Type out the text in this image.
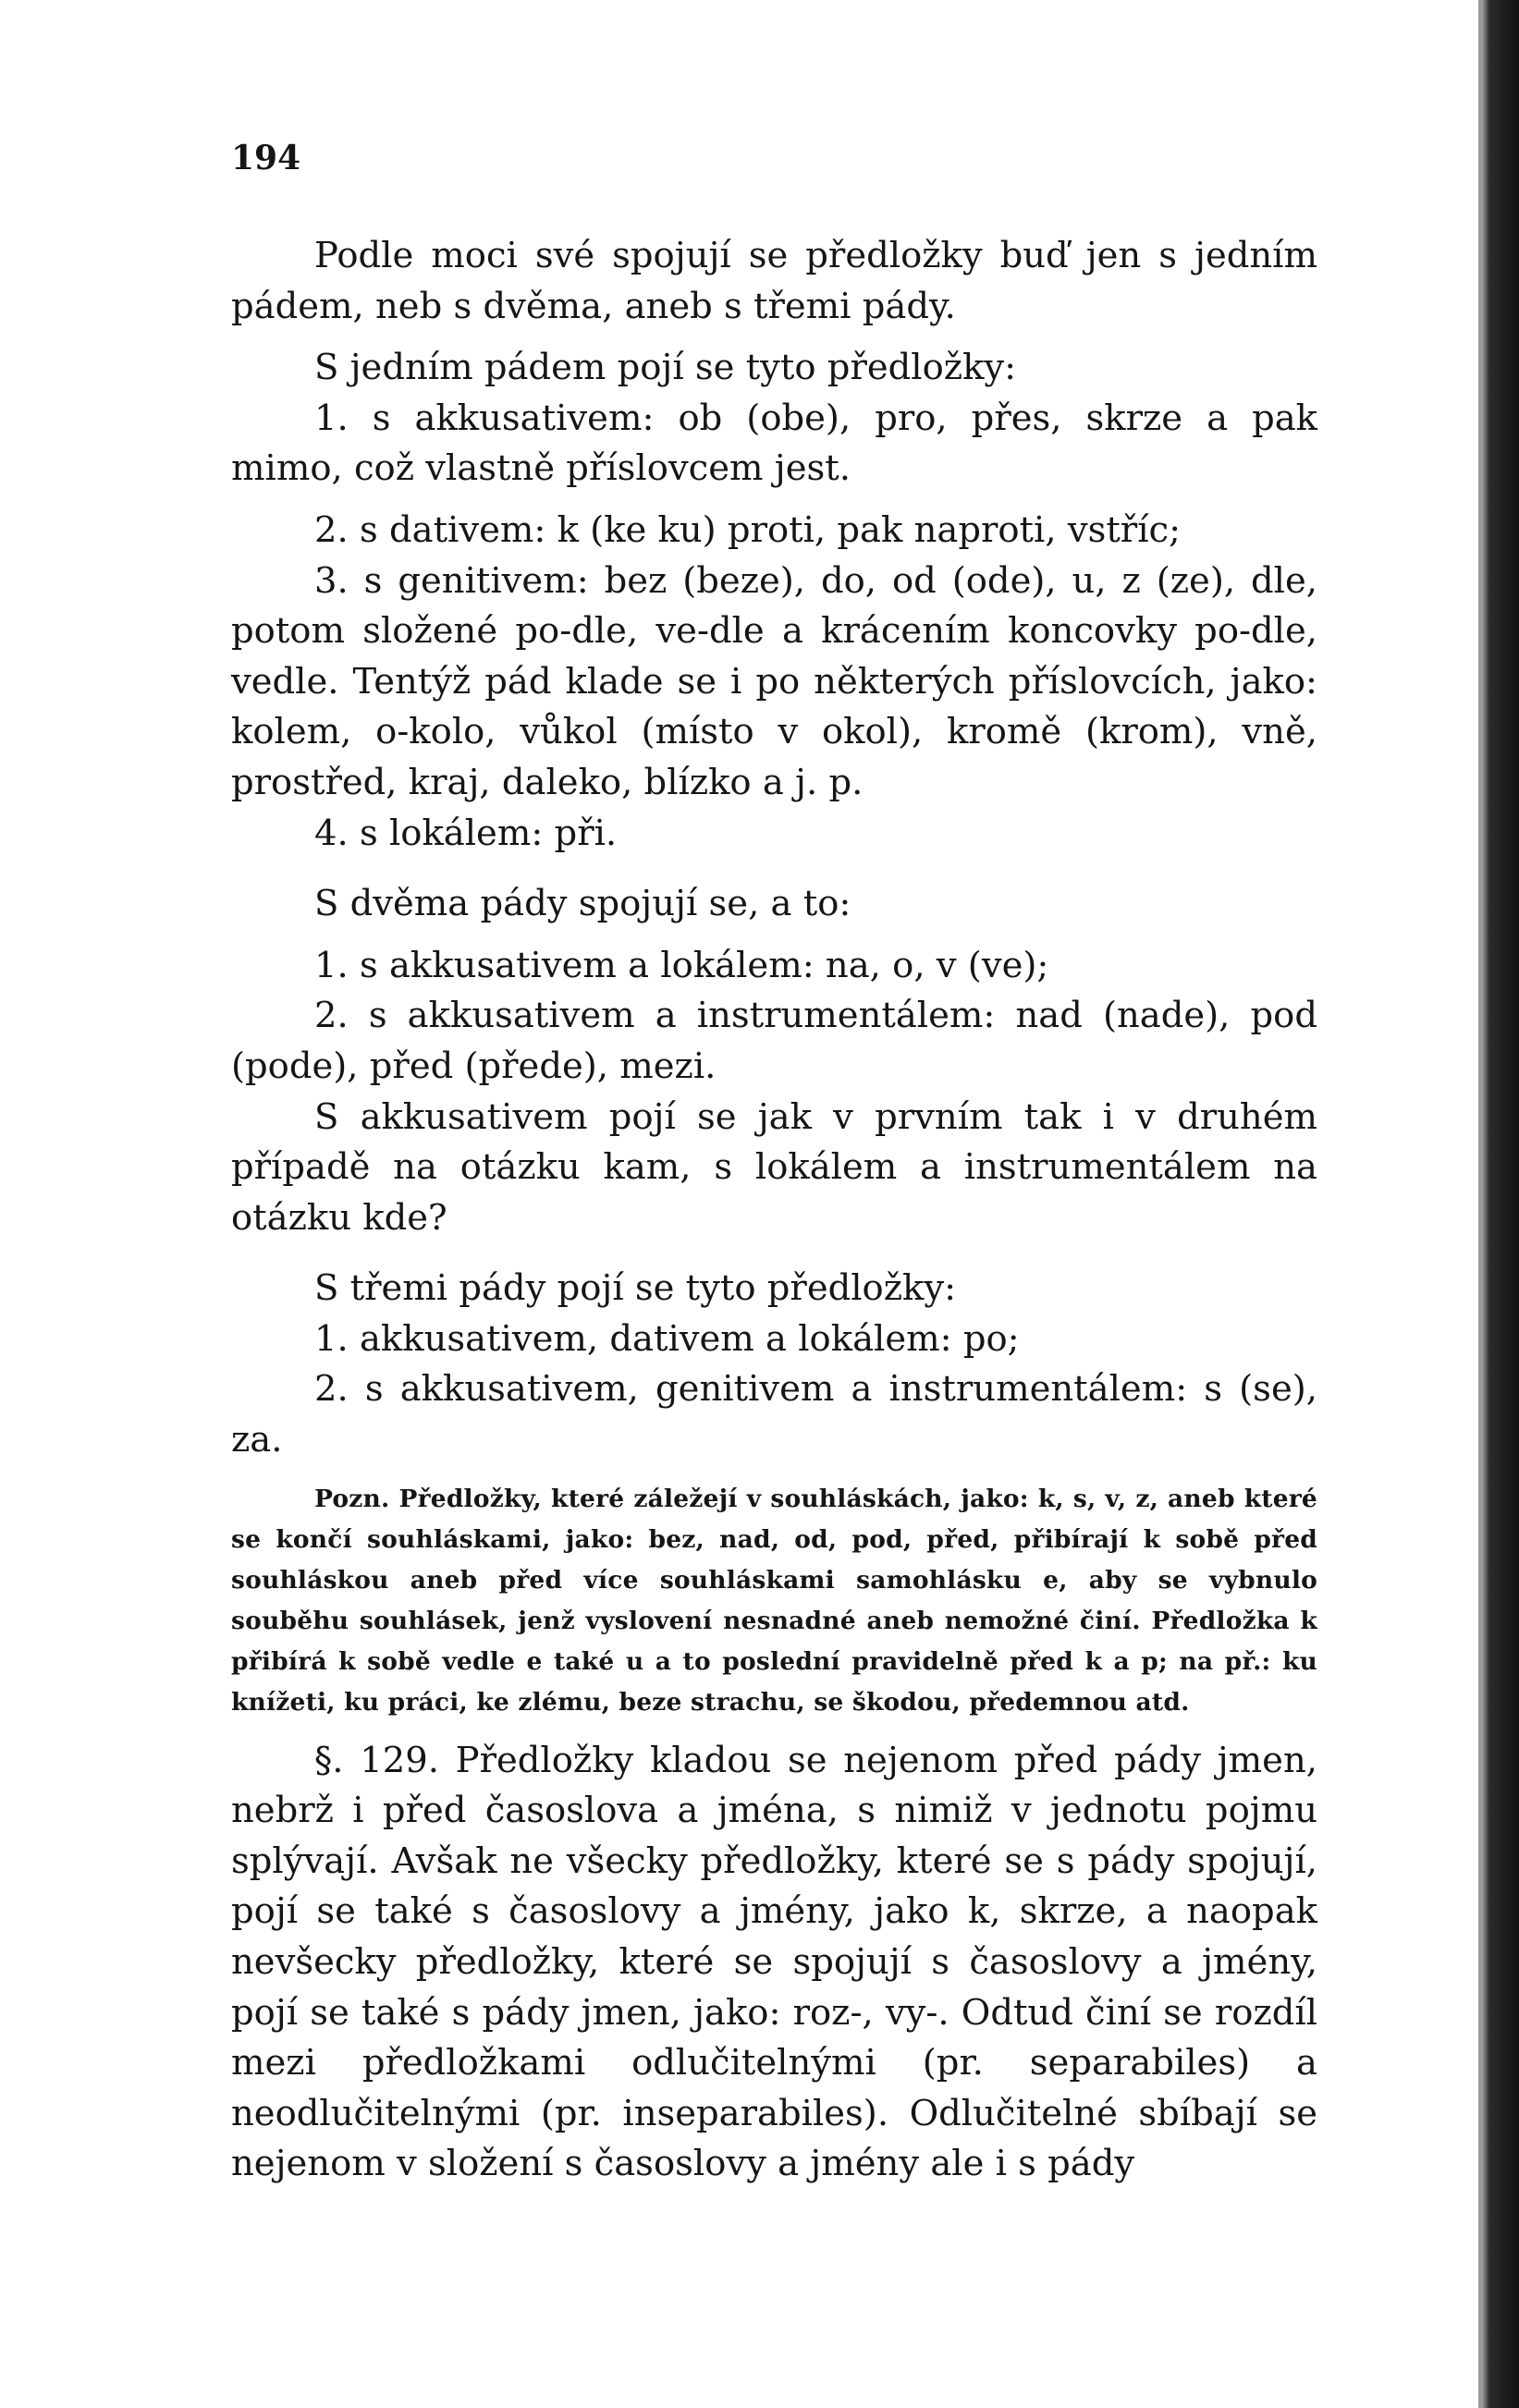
194

Podle moci své spojují se předložky buď jen s jedním pádem, neb s dvěma, aneb s třemi pády.

S jedním pádem pojí se tyto předložky:

1. s akkusativem: ob (obe), pro, přes, skrze a pak mimo, což vlastně příslovcem jest.

2. s dativem: k (ke ku) proti, pak naproti, vstříc;

3. s genitivem: bez (beze), do, od (ode), u, z (ze), dle, potom složené po-dle, ve-dle a krácením koncovky po-dle, vedle. Tentýž pád klade se i po některých příslovcích, jako: kolem, o-kolo, vůkol (místo v okol), kromě (krom), vně, prostřed, kraj, daleko, blízko a j. p.

4. s lokálem: při.

S dvěma pády spojují se, a to:

1. s akkusativem a lokálem: na, o, v (ve);

2. s akkusativem a instrumentálem: nad (nade), pod (pode), před (přede), mezi.

S akkusativem pojí se jak v prvním tak i v druhém případě na otázku kam, s lokálem a instrumentálem na otázku kde?

S třemi pády pojí se tyto předložky:

1. akkusativem, dativem a lokálem: po;

2. s akkusativem, genitivem a instrumentálem: s (se), za.

Pozn. Předložky, které záležejí v souhláskách, jako: k, s, v, z, aneb které se končí souhláskami, jako: bez, nad, od, pod, před, přibírají k sobě před souhláskou aneb před více souhláskami samohlásku e, aby se vybnulo souběhu souhlásek, jenž vyslovení nesnadné aneb nemožné činí. Předložka k přibírá k sobě vedle e také u a to poslední pravidelně před k a p; na př.: ku knížeti, ku práci, ke zlému, beze strachu, se škodou, předemnou atd.

§. 129. Předložky kladou se nejenom před pády jmen, nebrž i před časoslova a jména, s nimiž v jednotu pojmu splývají. Avšak ne všecky předložky, které se s pády spojují, pojí se také s časoslovy a jmény, jako k, skrze, a naopak nevšecky předložky, které se spojují s časoslovy a jmény, pojí se také s pády jmen, jako: roz-, vy-. Odtud činí se rozdíl mezi předložkami odlučitelnými (pr. separabiles) a neodlučitelnými (pr. inseparabiles). Odlučitelné sbíbají se nejenom v složení s časoslovy a jmény ale i s pády
